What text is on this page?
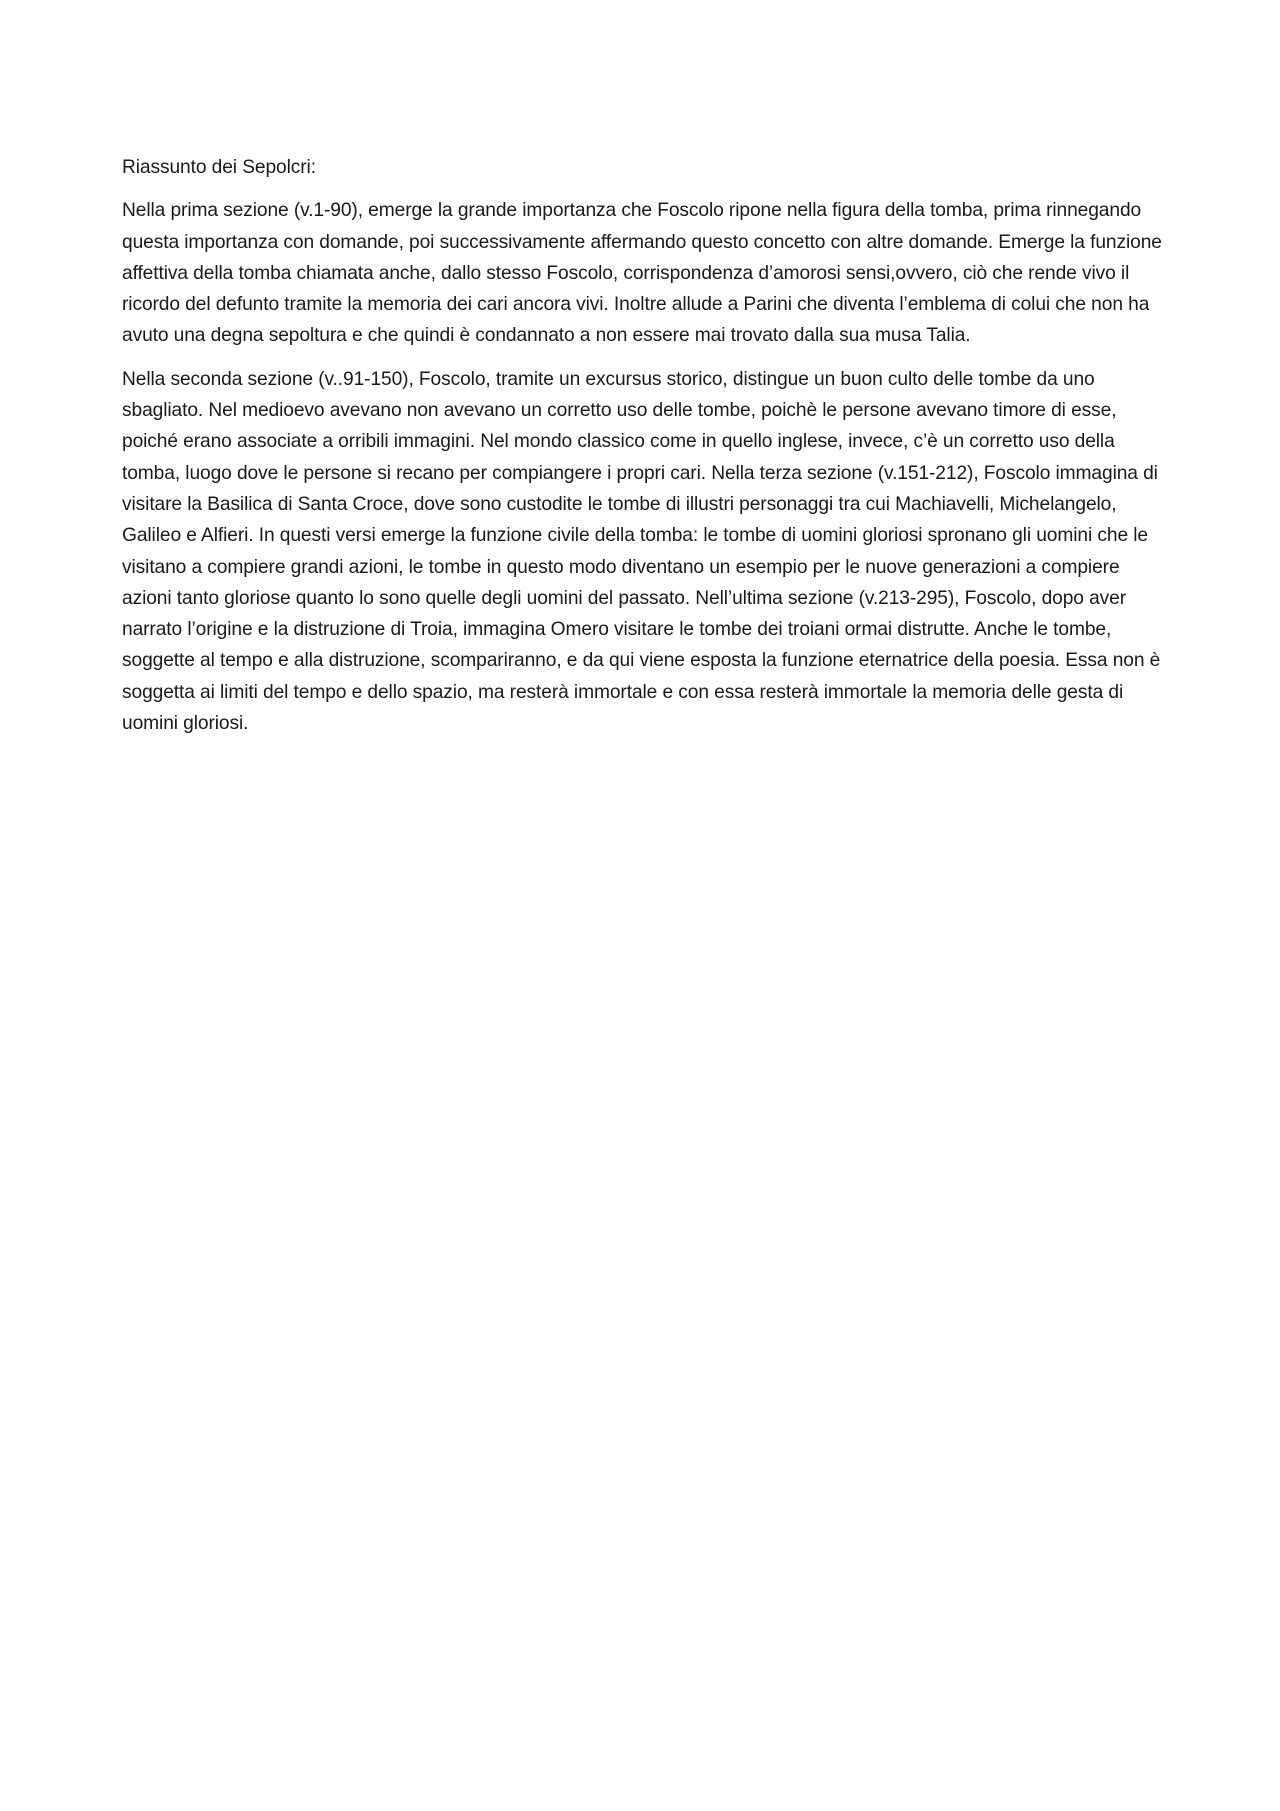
Riassunto dei Sepolcri:

Nella prima sezione (v.1-90), emerge la grande importanza che Foscolo ripone nella figura della tomba, prima rinnegando questa importanza con domande, poi successivamente affermando questo concetto con altre domande. Emerge la funzione affettiva della tomba chiamata anche, dallo stesso Foscolo, corrispondenza d’amorosi sensi,ovvero, ciò che rende vivo il ricordo del defunto tramite la memoria dei cari ancora vivi. Inoltre allude a Parini che diventa l’emblema di colui che non ha avuto una degna sepoltura e che quindi è condannato a non essere mai trovato dalla sua musa Talia.

Nella seconda sezione (v..91-150), Foscolo, tramite un excursus storico, distingue un buon culto delle tombe da uno sbagliato. Nel medioevo avevano non avevano un corretto uso delle tombe, poichè le persone avevano timore di esse, poiché erano associate a orribili immagini. Nel mondo classico come in quello inglese, invece, c’è un corretto uso della tomba, luogo dove le persone si recano per compiangere i propri cari. Nella terza sezione (v.151-212), Foscolo immagina di visitare la Basilica di Santa Croce, dove sono custodite le tombe di illustri personaggi tra cui Machiavelli, Michelangelo, Galileo e Alfieri. In questi versi emerge la funzione civile della tomba: le tombe di uomini gloriosi spronano gli uomini che le visitano a compiere grandi azioni, le tombe in questo modo diventano un esempio per le nuove generazioni a compiere azioni tanto gloriose quanto lo sono quelle degli uomini del passato. Nell’ultima sezione (v.213-295), Foscolo, dopo aver narrato l’origine e la distruzione di Troia, immagina Omero visitare le tombe dei troiani ormai distrutte. Anche le tombe, soggette al tempo e alla distruzione, scompariranno, e da qui viene esposta la funzione eternatrice della poesia. Essa non è soggetta ai limiti del tempo e dello spazio, ma resterà immortale e con essa resterà immortale la memoria delle gesta di uomini gloriosi.
